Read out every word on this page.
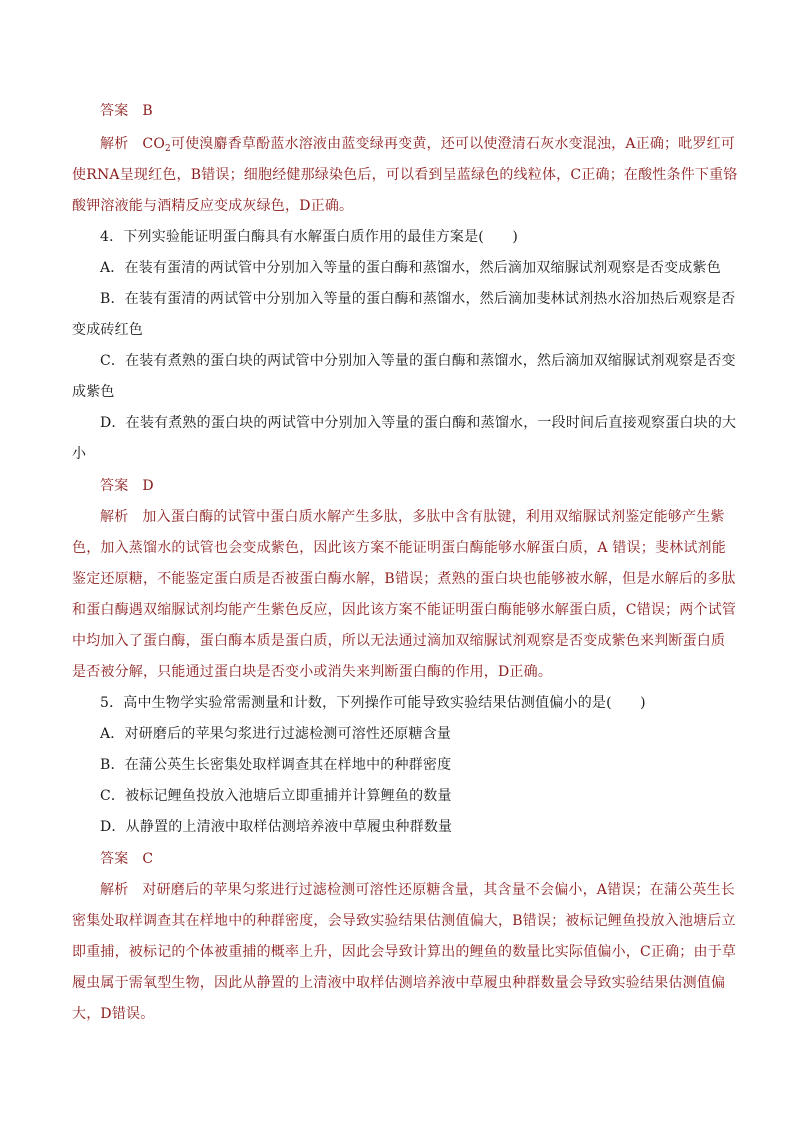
答案 B
解析 $CO_2$可使溴麝香草酚蓝水溶液由蓝变绿再变黄，还可以使澄清石灰水变混浊，A正确；吡罗红可
使RNA呈现红色，B错误；细胞经健那绿染色后，可以看到呈蓝绿色的线粒体，C正确；在酸性条件下重铬
酸钾溶液能与酒精反应变成灰绿色，D正确。
4．下列实验能证明蛋白酶具有水解蛋白质作用的最佳方案是(　　)
A．在装有蛋清的两试管中分别加入等量的蛋白酶和蒸馏水，然后滴加双缩脲试剂观察是否变成紫色
B．在装有蛋清的两试管中分别加入等量的蛋白酶和蒸馏水，然后滴加斐林试剂热水浴加热后观察是否
变成砖红色
C．在装有煮熟的蛋白块的两试管中分别加入等量的蛋白酶和蒸馏水，然后滴加双缩脲试剂观察是否变
成紫色
D．在装有煮熟的蛋白块的两试管中分别加入等量的蛋白酶和蒸馏水，一段时间后直接观察蛋白块的大
小
答案 D
解析 加入蛋白酶的试管中蛋白质水解产生多肽，多肽中含有肽键，利用双缩脲试剂鉴定能够产生紫
色，加入蒸馏水的试管也会变成紫色，因此该方案不能证明蛋白酶能够水解蛋白质，A 错误；斐林试剂能
鉴定还原糖，不能鉴定蛋白质是否被蛋白酶水解，B错误；煮熟的蛋白块也能够被水解，但是水解后的多肽
和蛋白酶遇双缩脲试剂均能产生紫色反应，因此该方案不能证明蛋白酶能够水解蛋白质，C错误；两个试管
中均加入了蛋白酶，蛋白酶本质是蛋白质，所以无法通过滴加双缩脲试剂观察是否变成紫色来判断蛋白质
是否被分解，只能通过蛋白块是否变小或消失来判断蛋白酶的作用，D正确。
5．高中生物学实验常需测量和计数，下列操作可能导致实验结果估测值偏小的是(　　)
A．对研磨后的苹果匀浆进行过滤检测可溶性还原糖含量
B．在蒲公英生长密集处取样调查其在样地中的种群密度
C．被标记鲤鱼投放入池塘后立即重捕并计算鲤鱼的数量
D．从静置的上清液中取样估测培养液中草履虫种群数量
答案 C
解析 对研磨后的苹果匀浆进行过滤检测可溶性还原糖含量，其含量不会偏小，A错误；在蒲公英生长
密集处取样调查其在样地中的种群密度，会导致实验结果估测值偏大，B错误；被标记鲤鱼投放入池塘后立
即重捕，被标记的个体被重捕的概率上升，因此会导致计算出的鲤鱼的数量比实际值偏小，C正确；由于草
履虫属于需氧型生物，因此从静置的上清液中取样估测培养液中草履虫种群数量会导致实验结果估测值偏
大，D错误。
